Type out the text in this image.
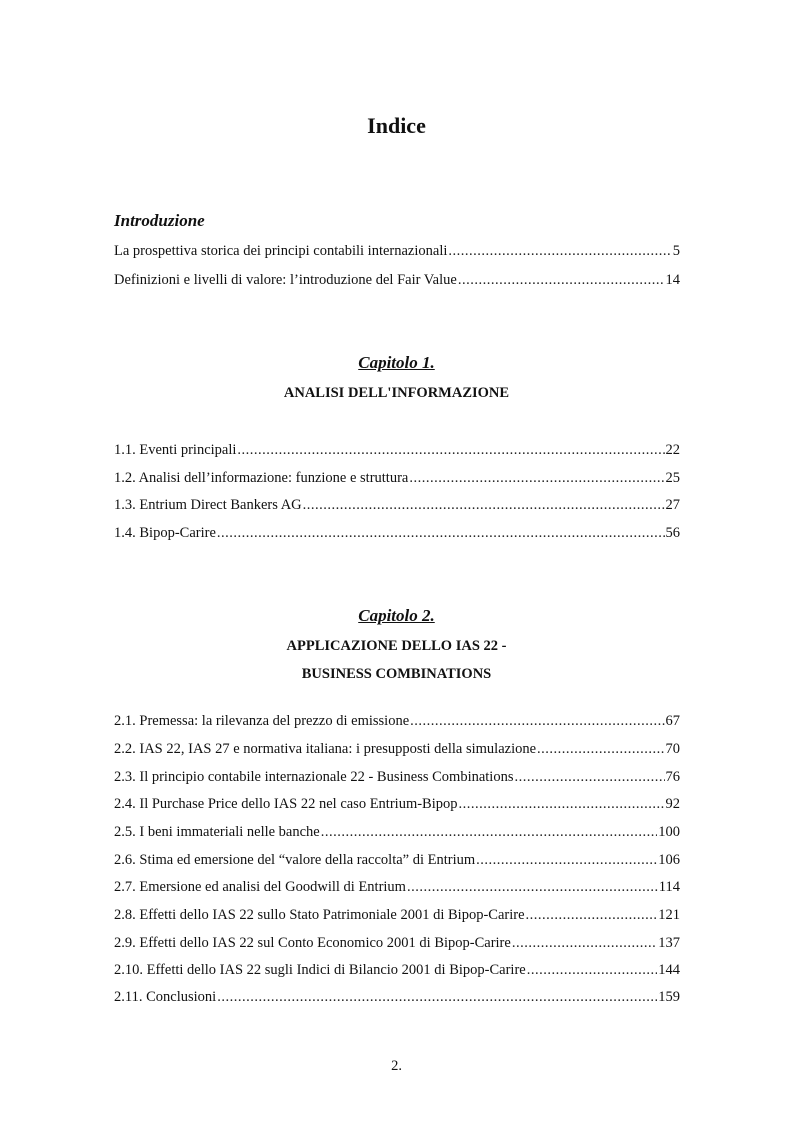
Indice
Introduzione
La prospettiva storica dei principi contabili internazionali .....	5
Definizioni e livelli di valore: l’introduzione del Fair Value .....	14
Capitolo 1.
ANALISI DELL'INFORMAZIONE
1.1. Eventi principali .....	22
1.2. Analisi dell’informazione: funzione e struttura .....	25
1.3. Entrium Direct Bankers AG .....	27
1.4. Bipop-Carire .....	56
Capitolo 2.
APPLICAZIONE DELLO IAS 22 -
BUSINESS COMBINATIONS
2.1. Premessa: la rilevanza del prezzo di emissione .....	67
2.2. IAS 22, IAS 27 e normativa italiana: i presupposti della simulazione .....	70
2.3. Il principio contabile internazionale 22 - Business Combinations .....	76
2.4. Il Purchase Price dello IAS 22 nel caso Entrium-Bipop .....	92
2.5. I beni immateriali nelle banche .....	100
2.6. Stima ed emersione del “valore della raccolta” di Entrium .....	106
2.7. Emersione ed analisi del Goodwill di Entrium .....	114
2.8. Effetti dello IAS 22 sullo Stato Patrimoniale 2001 di Bipop-Carire .....	121
2.9. Effetti dello IAS 22 sul Conto Economico 2001 di Bipop-Carire .....	137
2.10. Effetti dello IAS 22 sugli Indici di Bilancio 2001 di Bipop-Carire .....	144
2.11. Conclusioni .....	159
2.
